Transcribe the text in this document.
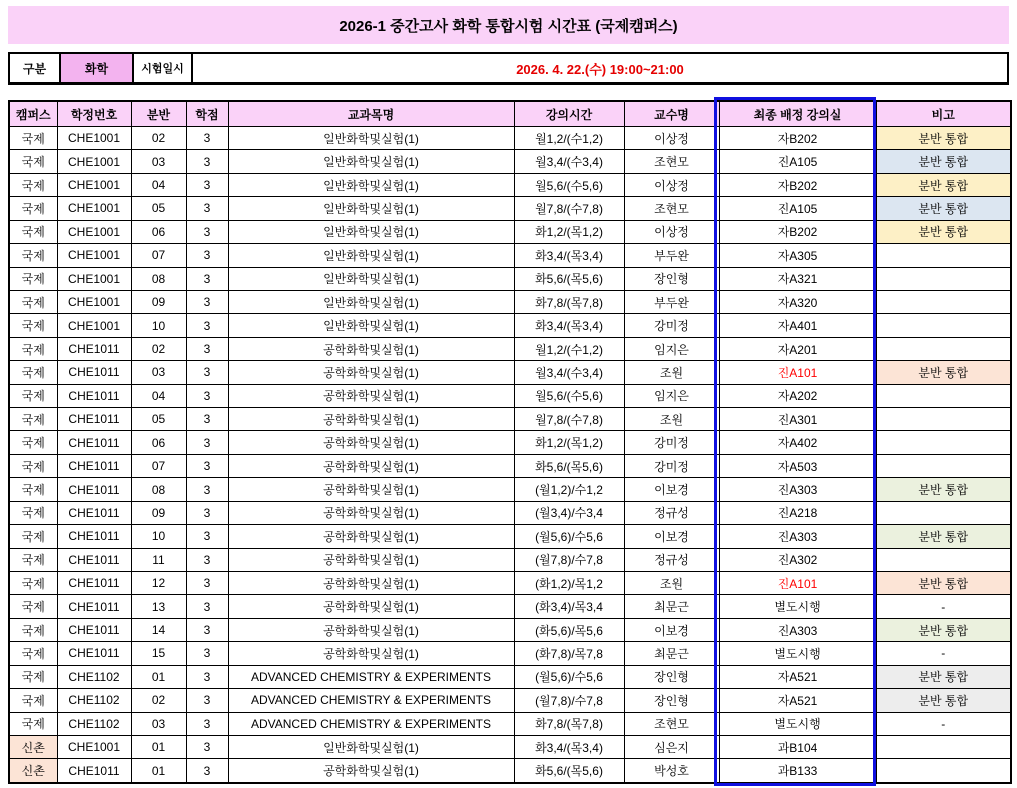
2026-1 중간고사 화학 통합시험 시간표 (국제캠퍼스)
구분	화학	시험일시	2026. 4. 22.(수) 19:00~21:00
캠퍼스	학정번호	분반	학점	교과목명	강의시간	교수명	최종 배정 강의실	비고
국제	CHE1001	02	3	일반화학및실험(1)	월1,2/(수1,2)	이상정	자B202	분반 통합
국제	CHE1001	03	3	일반화학및실험(1)	월3,4/(수3,4)	조현모	진A105	분반 통합
국제	CHE1001	04	3	일반화학및실험(1)	월5,6/(수5,6)	이상정	자B202	분반 통합
국제	CHE1001	05	3	일반화학및실험(1)	월7,8/(수7,8)	조현모	진A105	분반 통합
국제	CHE1001	06	3	일반화학및실험(1)	화1,2/(목1,2)	이상정	자B202	분반 통합
국제	CHE1001	07	3	일반화학및실험(1)	화3,4/(목3,4)	부두완	자A305	
국제	CHE1001	08	3	일반화학및실험(1)	화5,6/(목5,6)	장인형	자A321	
국제	CHE1001	09	3	일반화학및실험(1)	화7,8/(목7,8)	부두완	자A320	
국제	CHE1001	10	3	일반화학및실험(1)	화3,4/(목3,4)	강미정	자A401	
국제	CHE1011	02	3	공학화학및실험(1)	월1,2/(수1,2)	임지은	자A201	
국제	CHE1011	03	3	공학화학및실험(1)	월3,4/(수3,4)	조원	진A101	분반 통합
국제	CHE1011	04	3	공학화학및실험(1)	월5,6/(수5,6)	임지은	자A202	
국제	CHE1011	05	3	공학화학및실험(1)	월7,8/(수7,8)	조원	진A301	
국제	CHE1011	06	3	공학화학및실험(1)	화1,2/(목1,2)	강미정	자A402	
국제	CHE1011	07	3	공학화학및실험(1)	화5,6/(목5,6)	강미정	자A503	
국제	CHE1011	08	3	공학화학및실험(1)	(월1,2)/수1,2	이보경	진A303	분반 통합
국제	CHE1011	09	3	공학화학및실험(1)	(월3,4)/수3,4	정규성	진A218	
국제	CHE1011	10	3	공학화학및실험(1)	(월5,6)/수5,6	이보경	진A303	분반 통합
국제	CHE1011	11	3	공학화학및실험(1)	(월7,8)/수7,8	정규성	진A302	
국제	CHE1011	12	3	공학화학및실험(1)	(화1,2)/목1,2	조원	진A101	분반 통합
국제	CHE1011	13	3	공학화학및실험(1)	(화3,4)/목3,4	최문근	별도시행	-
국제	CHE1011	14	3	공학화학및실험(1)	(화5,6)/목5,6	이보경	진A303	분반 통합
국제	CHE1011	15	3	공학화학및실험(1)	(화7,8)/목7,8	최문근	별도시행	-
국제	CHE1102	01	3	ADVANCED CHEMISTRY & EXPERIMENTS	(월5,6)/수5,6	장인형	자A521	분반 통합
국제	CHE1102	02	3	ADVANCED CHEMISTRY & EXPERIMENTS	(월7,8)/수7,8	장인형	자A521	분반 통합
국제	CHE1102	03	3	ADVANCED CHEMISTRY & EXPERIMENTS	화7,8/(목7,8)	조현모	별도시행	-
신촌	CHE1001	01	3	일반화학및실험(1)	화3,4/(목3,4)	심은지	과B104	
신촌	CHE1011	01	3	공학화학및실험(1)	화5,6/(목5,6)	박성호	과B133	
